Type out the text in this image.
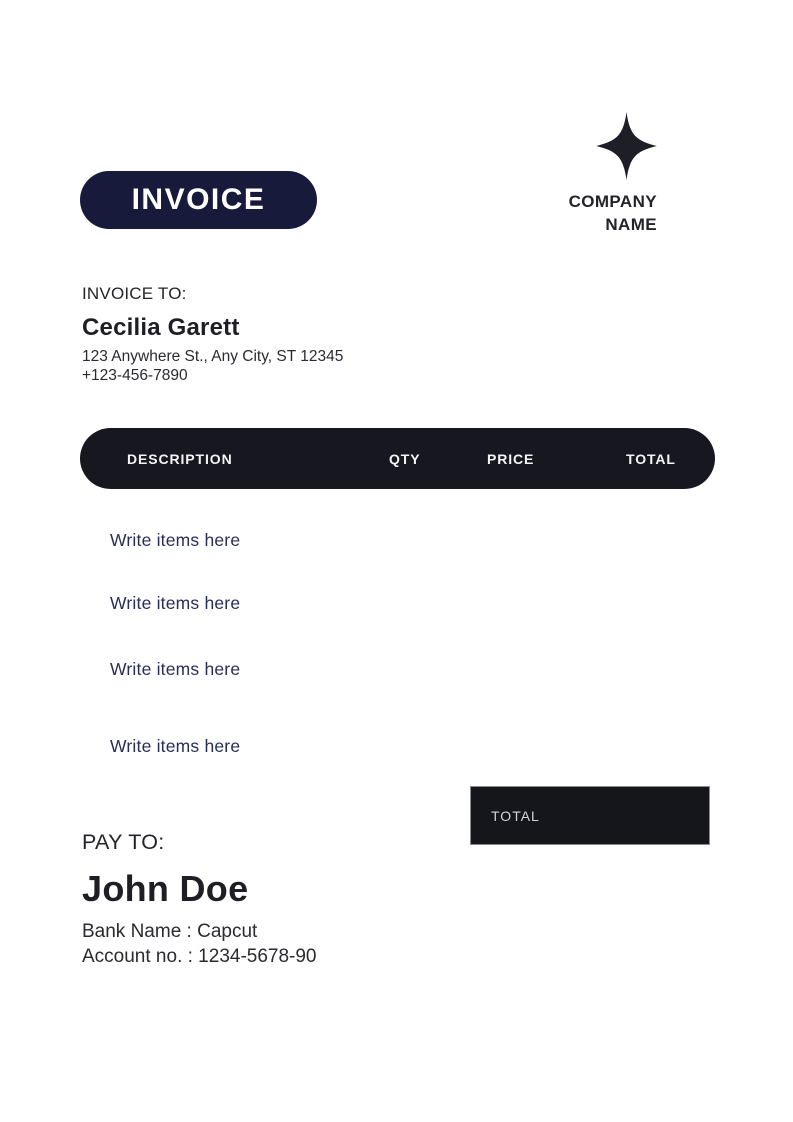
INVOICE	COMPANY
NAME
INVOICE TO:
Cecilia Garett
123 Anywhere St., Any City, ST 12345
+123-456-7890
DESCRIPTION	QTY	PRICE	TOTAL
Write items here
Write items here
Write items here
Write items here
TOTAL
PAY TO:
John Doe
Bank Name : Capcut
Account no. : 1234-5678-90
